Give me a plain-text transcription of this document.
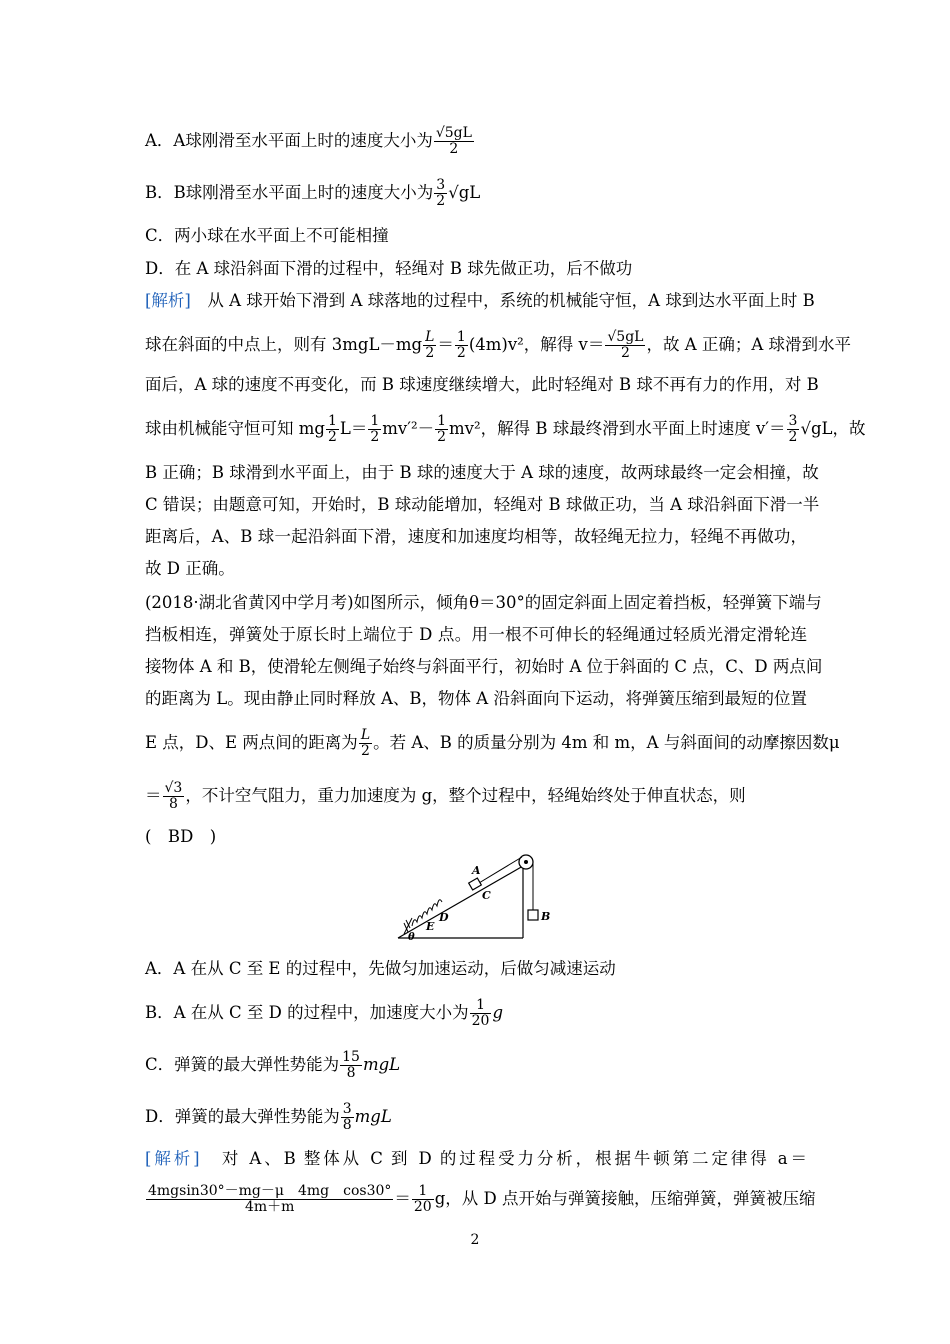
A．A球刚滑至水平面上时的速度大小为 $\frac{√5gL}{2}$
B．B球刚滑至水平面上时的速度大小为 $\frac{3}{2} √gL$
C．两小球在水平面上不可能相撞
D．在 A 球沿斜面下滑的过程中，轻绳对 B 球先做正功，后不做功
[解析]　 从 A 球开始下滑到 A 球落地的过程中，系统的机械能守恒，A 球到达水平面上时 B
球在斜面的中点上，则有 $3mgL-mg \frac{L}{2} = \frac{1}{2} (4m)v^2$，解得 $v= \frac{√5gL}{2}$ ，故 A 正确；A 球滑到水平
面后，A 球的速度不再变化，而 B 球速度继续增大，此时轻绳对 B 球不再有力的作用，对 B
球由机械能守恒可知 mg $\frac{1}{2} L= \frac{1}{2} mv'^2- \frac{1}{2} mv^2$，解得 B 球最终滑到水平面上时速度 $v'= \frac{3}{2} √gL$，故
B 正确；B 球滑到水平面上，由于 B 球的速度大于 A 球的速度，故两球最终一定会相撞，故
C 错误；由题意可知，开始时，B 球动能增加，轻绳对 B 球做正功，当 A 球沿斜面下滑一半
距离后，A、B 球一起沿斜面下滑，速度和加速度均相等，故轻绳无拉力，轻绳不再做功，
故 D 正确。
(2018·湖北省黄冈中学月考)如图所示，倾角θ＝30°的固定斜面上固定着挡板，轻弹簧下端与
挡板相连，弹簧处于原长时上端位于 D 点。用一根不可伸长的轻绳通过轻质光滑定滑轮连
接物体 A 和 B，使滑轮左侧绳子始终与斜面平行，初始时 A 位于斜面的 C 点，C、D 两点间
的距离为 L。现由静止同时释放 A、B，物体 A 沿斜面向下运动，将弹簧压缩到最短的位置
E 点，D、E 两点间的距离为 $\frac{L}{2}$ 。若 A、B 的质量分别为 4m 和 m，A 与斜面间的动摩擦因数μ
＝ $\frac{√3}{8}$ ，不计空气阻力，重力加速度为 g，整个过程中，轻绳始终处于伸直状态，则
(　BD　)
A
C
D
E
θ
B
A．A 在从 C 至 E 的过程中，先做匀加速运动，后做匀减速运动
B．A 在从 C 至 D 的过程中，加速度大小为 $\frac{1}{20}$ g
C．弹簧的最大弹性势能为 $\frac{15}{8}$ mgL
D．弹簧的最大弹性势能为 $\frac{3}{8}$ mgL
[解析]　 对 A、B 整体从 C 到 D 的过程受力分析，根据牛顿第二定律得 a＝
$\frac{\text{4mgsin30°－mg－μ　4mg　cos30°}}{4m+m} = \frac{1}{20}$ g，从 D 点开始与弹簧接触，压缩弹簧，弹簧被压缩
2
